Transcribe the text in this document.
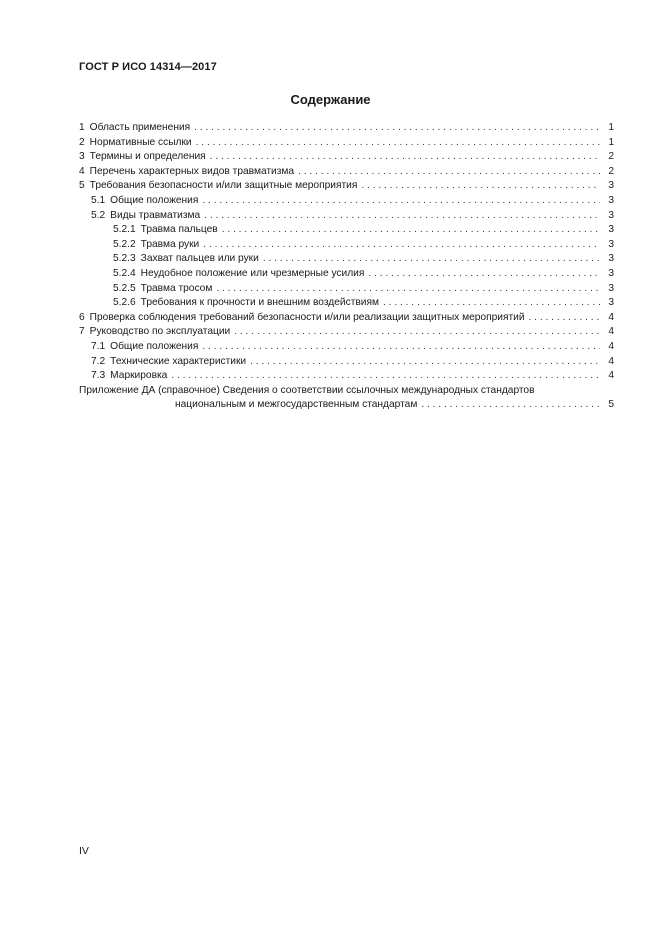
ГОСТ Р ИСО 14314—2017
Содержание
1 Область применения . . .	1
2 Нормативные ссылки . . .	1
3 Термины и определения . . .	2
4 Перечень характерных видов травматизма . . .	2
5 Требования безопасности и/или защитные мероприятия . . .	3
5.1 Общие положения . . .	3
5.2 Виды травматизма . . .	3
5.2.1 Травма пальцев . . .	3
5.2.2 Травма руки . . .	3
5.2.3 Захват пальцев или руки . . .	3
5.2.4 Неудобное положение или чрезмерные усилия . . .	3
5.2.5 Травма тросом . . .	3
5.2.6 Требования к прочности и внешним воздействиям . . .	3
6 Проверка соблюдения требований безопасности и/или реализации защитных мероприятий . . .	4
7 Руководство по эксплуатации . . .	4
7.1 Общие положения . . .	4
7.2 Технические характеристики . . .	4
7.3 Маркировка . . .	4
Приложение ДА (справочное) Сведения о соответствии ссылочных международных стандартов
национальным и межгосударственным стандартам . . .	5
IV
